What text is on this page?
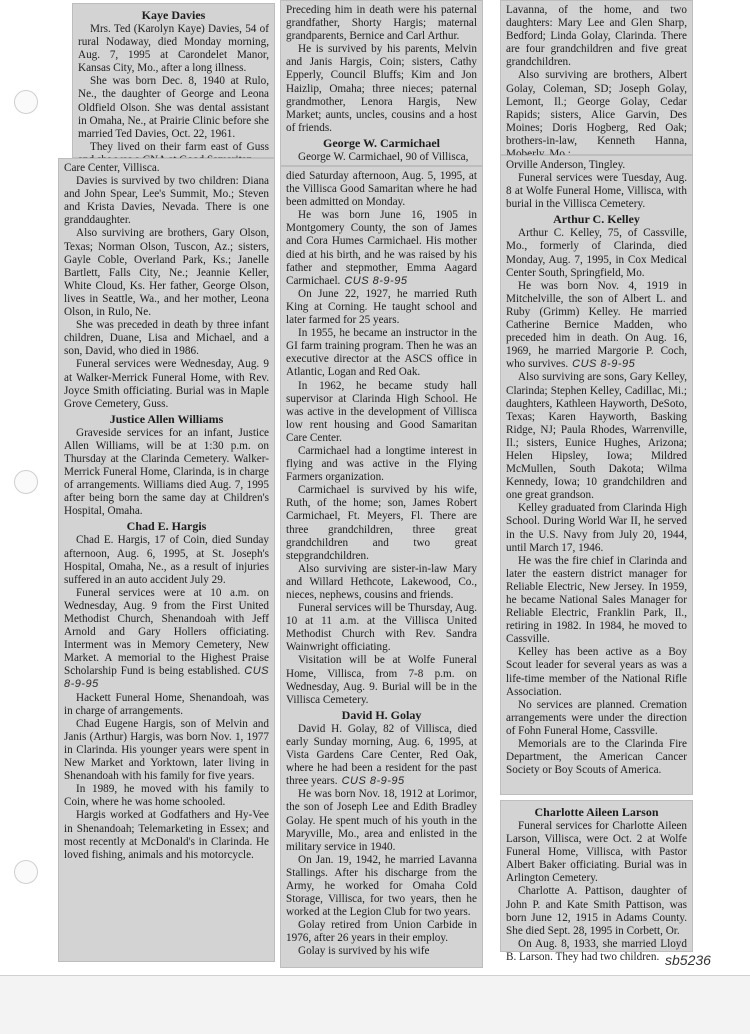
Kaye Davies

Mrs. Ted (Karolyn Kaye) Davies, 54 of rural Nodaway, died Monday morning, Aug. 7, 1995 at Carondelet Manor, Kansas City, Mo., after a long illness.

She was born Dec. 8, 1940 at Rulo, Ne., the daughter of George and Leona Oldfield Olson. She was dental assistant in Omaha, Ne., at Prairie Clinic before she married Ted Davies, Oct. 22, 1961.

They lived on their farm east of Guss

Care Center, Villisca.

Davies is survived by two children: Diana and John Spear, Lee's Summit, Mo.; Steven and Krista Davies, Nevada. There is one granddaughter.

Also surviving are brothers, Gary Olson, Texas; Norman Olson, Tuscon, Az.; sisters, Gayle Coble, Overland Park, Ks.; Janelle Bartlett, Falls City, Ne.; Jeannie Keller, White Cloud, Ks. Her father, George Olson, lives in Seattle, Wa., and her mother, Leona Olson, in Rulo, Ne.

She was preceded in death by three infant children, Duane, Lisa and Michael, and a son, David, who died in 1986.

Funeral services were Wednesday, Aug. 9 at Walker-Merrick Funeral Home, with Rev. Joyce Smith officiating. Burial was in Maple Grove Cemetery, Guss.

Justice Allen Williams

Graveside services for an infant, Justice Allen Williams, will be at 1:30 p.m. on Thursday at the Clarinda Cemetery. Walker-Merrick Funeral Home, Clarinda, is in charge of arrangements. Williams died Aug. 7, 1995 after being born the same day at Children's Hospital, Omaha.

Chad E. Hargis

Chad E. Hargis, 17 of Coin, died Sunday afternoon, Aug. 6, 1995, at St. Joseph's Hospital, Omaha, Ne., as a result of injuries suffered in an auto accident July 29.

Funeral services were at 10 a.m. on Wednesday, Aug. 9 from the First United Methodist Church, Shenandoah with Jeff Arnold and Gary Hollers officiating. Interment was in Memory Cemetery, New Market. A memorial to the Highest Praise Scholarship Fund is being established. CUS 8-9-95

Hackett Funeral Home, Shenandoah, was in charge of arrangements.

Chad Eugene Hargis, son of Melvin and Janis (Arthur) Hargis, was born Nov. 1, 1977 in Clarinda. His younger years were spent in New Market and Yorktown, later living in Shenandoah with his family for five years.

In 1989, he moved with his family to Coin, where he was home schooled.

Hargis worked at Godfathers and Hy-Vee in Shenandoah; Telemarketing in Essex; and most recently at McDonald's in Clarinda. He loved fishing, animals and his motorcycle.

Preceding him in death were his paternal grandfather, Shorty Hargis; maternal grandparents, Bernice and Carl Arthur.

He is survived by his parents, Melvin and Janis Hargis, Coin; sisters, Cathy Epperly, Council Bluffs; Kim and Jon Haizlip, Omaha; three nieces; paternal grandmother, Lenora Hargis, New Market; aunts, uncles, cousins and a host of friends.

George W. Carmichael

George W. Carmichael, 90 of Villisca,

died Saturday afternoon, Aug. 5, 1995, at the Villisca Good Samaritan where he had been admitted on Monday.

He was born June 16, 1905 in Montgomery County, the son of James and Cora Humes Carmichael. His mother died at his birth, and he was raised by his father and stepmother, Emma Aagard Carmichael. CUS 8-9-95

On June 22, 1927, he married Ruth King at Corning. He taught school and later farmed for 25 years.

In 1955, he became an instructor in the GI farm training program. Then he was an executive director at the ASCS office in Atlantic, Logan and Red Oak.

In 1962, he became study hall supervisor at Clarinda High School. He was active in the development of Villisca low rent housing and Good Samaritan Care Center.

Carmichael had a longtime interest in flying and was active in the Flying Farmers organization.

Carmichael is survived by his wife, Ruth, of the home; son, James Robert Carmichael, Ft. Meyers, Fl. There are three grandchildren, three great grandchildren and two great stepgrandchildren.

Also surviving are sister-in-law Mary and Willard Hethcote, Lakewood, Co., nieces, nephews, cousins and friends.

Funeral services will be Thursday, Aug. 10 at 11 a.m. at the Villisca United Methodist Church with Rev. Sandra Wainwright officiating.

Visitation will be at Wolfe Funeral Home, Villisca, from 7-8 p.m. on Wednesday, Aug. 9. Burial will be in the Villisca Cemetery.

David H. Golay

David H. Golay, 82 of Villisca, died early Sunday morning, Aug. 6, 1995, at Vista Gardens Care Center, Red Oak, where he had been a resident for the past three years. CUS 8-9-95

He was born Nov. 18, 1912 at Lorimor, the son of Joseph Lee and Edith Bradley Golay. He spent much of his youth in the Maryville, Mo., area and enlisted in the military service in 1940.

On Jan. 19, 1942, he married Lavanna Stallings. After his discharge from the Army, he worked for Omaha Cold Storage, Villisca, for two years, then he worked at the Legion Club for two years.

Golay retired from Union Carbide in 1976, after 26 years in their employ.

Golay is survived by his wife

Lavanna, of the home, and two daughters: Mary Lee and Glen Sharp, Bedford; Linda Golay, Clarinda. There are four grandchildren and five great grandchildren.

Also surviving are brothers, Albert Golay, Coleman, SD; Joseph Golay, Lemont, Il.; George Golay, Cedar Rapids; sisters, Alice Garvin, Des Moines; Doris Hogberg, Red Oak; brothers-in-law, Kenneth Hanna,

Orville Anderson, Tingley.

Funeral services were Tuesday, Aug. 8 at Wolfe Funeral Home, Villisca, with burial in the Villisca Cemetery.

Arthur C. Kelley

Arthur C. Kelley, 75, of Cassville, Mo., formerly of Clarinda, died Monday, Aug. 7, 1995, in Cox Medical Center South, Springfield, Mo.

He was born Nov. 4, 1919 in Mitchelville, the son of Albert L. and Ruby (Grimm) Kelley. He married Catherine Bernice Madden, who preceded him in death. On Aug. 16, 1969, he married Margorie P. Coch, who survives. CUS 8-9-95

Also surviving are sons, Gary Kelley, Clarinda; Stephen Kelley, Cadillac, Mi.; daughters, Kathleen Hayworth, DeSoto, Texas; Karen Hayworth, Basking Ridge, NJ; Paula Rhodes, Warrenville, Il.; sisters, Eunice Hughes, Arizona; Helen Hipsley, Iowa; Mildred McMullen, South Dakota; Wilma Kennedy, Iowa; 10 grandchildren and one great grandson.

Kelley graduated from Clarinda High School. During World War II, he served in the U.S. Navy from July 20, 1944, until March 17, 1946.

He was the fire chief in Clarinda and later the eastern district manager for Reliable Electric, New Jersey. In 1959, he became National Sales Manager for Reliable Electric, Franklin Park, Il., retiring in 1982. In 1984, he moved to Cassville.

Kelley has been active as a Boy Scout leader for several years as was a life-time member of the National Rifle Association.

No services are planned. Cremation arrangements were under the direction of Fohn Funeral Home, Cassville.

Memorials are to the Clarinda Fire Department, the American Cancer Society or Boy Scouts of America.

Charlotte Aileen Larson

Funeral services for Charlotte Aileen Larson, Villisca, were Oct. 2 at Wolfe Funeral Home, Villisca, with Pastor Albert Baker officiating. Burial was in Arlington Cemetery.

Charlotte A. Pattison, daughter of John P. and Kate Smith Pattison, was born June 12, 1915 in Adams County. She died Sept. 28, 1995 in Corbett, Or.

On Aug. 8, 1933, she married Lloyd B. Larson. They had two children. sb5236
